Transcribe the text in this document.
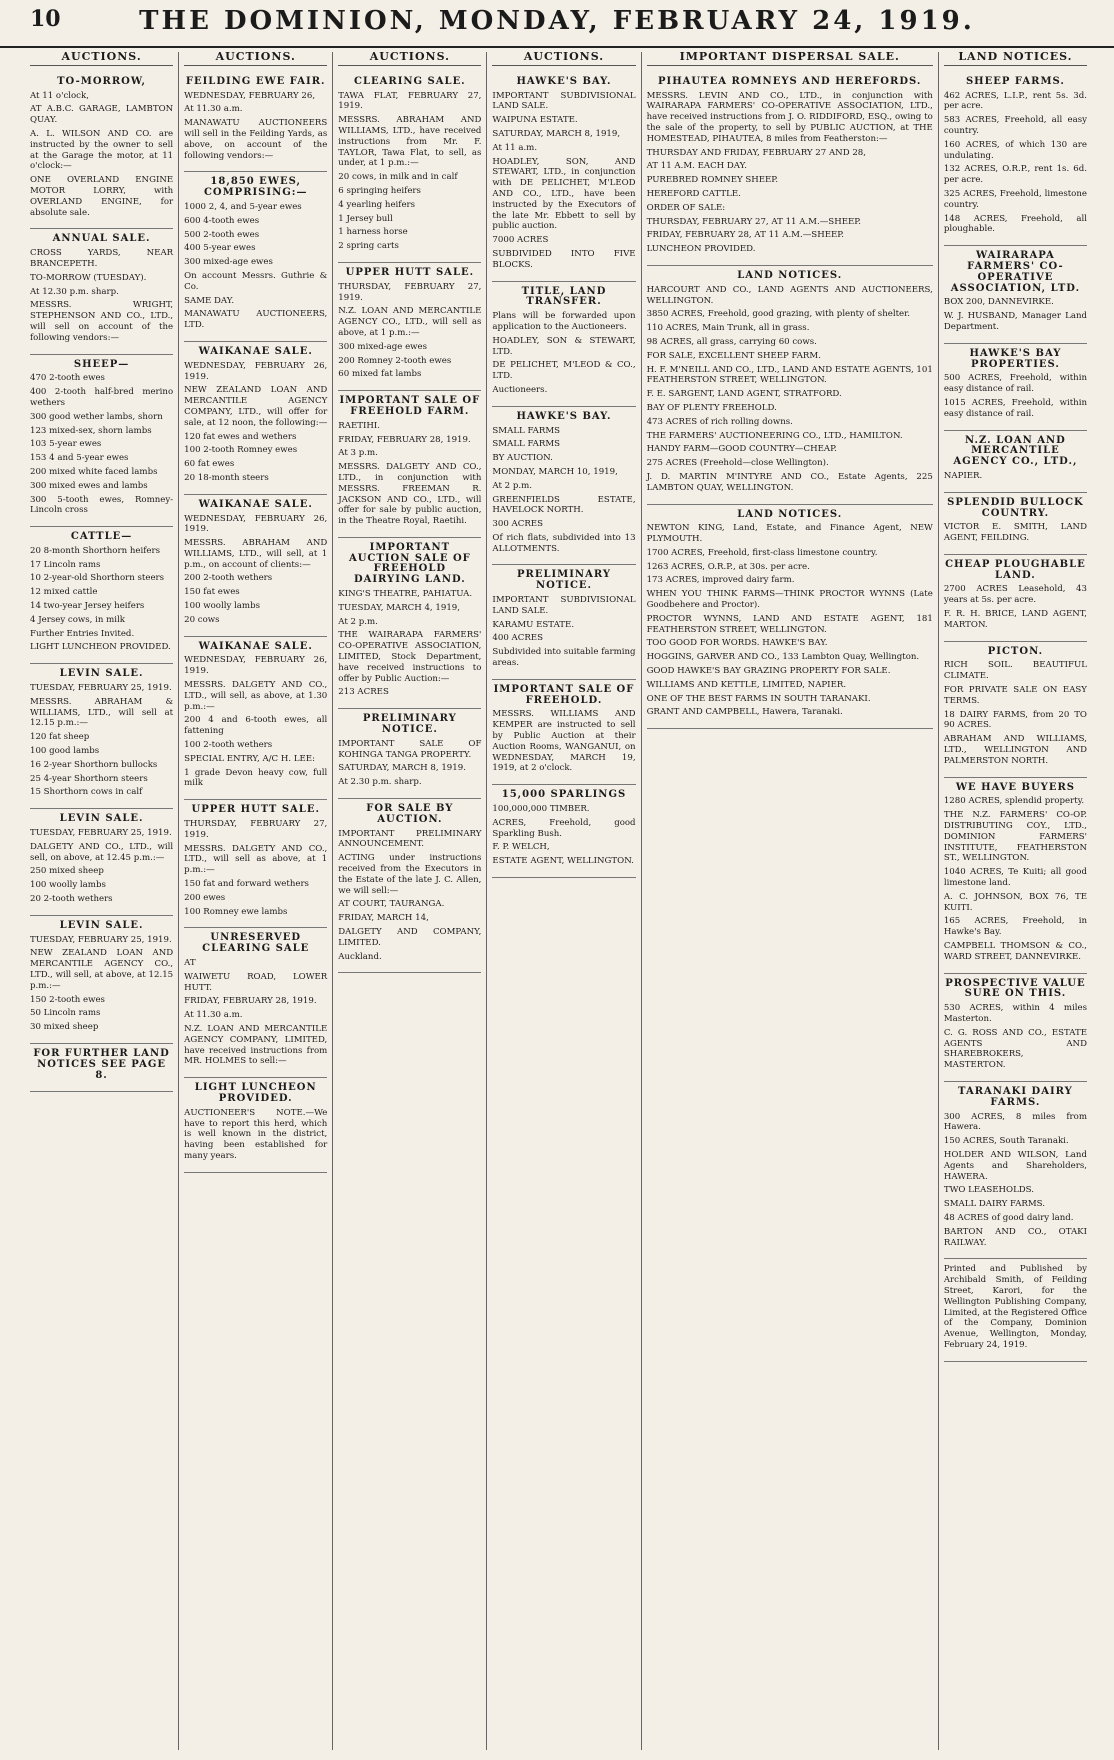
10	THE DOMINION, MONDAY, FEBRUARY 24, 1919.
AUCTIONS.
TO-MORROW,

At 11 o'clock,

AT A.B.C. GARAGE, LAMBTON QUAY.

A. L. WILSON AND CO. are instructed by the owner to sell at the Garage the motor, at 11 o'clock:—

ONE OVERLAND ENGINE MOTOR LORRY, with OVERLAND ENGINE, for absolute sale.

ANNUAL SALE.

CROSS YARDS, NEAR BRANCEPETH.

TO-MORROW (TUESDAY).

At 12.30 p.m. sharp.

MESSRS. WRIGHT, STEPHENSON AND CO., LTD., will sell on account of the following vendors:—

SHEEP—

470 2-tooth ewes

400 2-tooth half-bred merino wethers

300 good wether lambs, shorn

123 mixed-sex, shorn lambs

103 5-year ewes

153 4 and 5-year ewes

200 mixed white faced lambs

300 mixed ewes and lambs

300 5-tooth ewes, Romney-Lincoln cross

CATTLE—

20 8-month Shorthorn heifers

17 Lincoln rams

10 2-year-old Shorthorn steers

12 mixed cattle

14 two-year Jersey heifers

4 Jersey cows, in milk

Further Entries Invited.

LIGHT LUNCHEON PROVIDED.

LEVIN SALE.

TUESDAY, FEBRUARY 25, 1919.

MESSRS. ABRAHAM & WILLIAMS, LTD., will sell at 12.15 p.m.:—

120 fat sheep

100 good lambs

16 2-year Shorthorn bullocks

25 4-year Shorthorn steers

15 Shorthorn cows in calf

LEVIN SALE.

TUESDAY, FEBRUARY 25, 1919.

DALGETY AND CO., LTD., will sell, on above, at 12.45 p.m.:—

250 mixed sheep

100 woolly lambs

20 2-tooth wethers

LEVIN SALE.

TUESDAY, FEBRUARY 25, 1919.

NEW ZEALAND LOAN AND MERCANTILE AGENCY CO., LTD., will sell, at above, at 12.15 p.m.:—

150 2-tooth ewes

50 Lincoln rams

30 mixed sheep

FOR FURTHER LAND NOTICES SEE PAGE 8.
AUCTIONS.
FEILDING EWE FAIR.

WEDNESDAY, FEBRUARY 26,

At 11.30 a.m.

MANAWATU AUCTIONEERS will sell in the Feilding Yards, as above, on account of the following vendors:—

18,850 EWES, COMPRISING:—

1000 2, 4, and 5-year ewes

600 4-tooth ewes

500 2-tooth ewes

400 5-year ewes

300 mixed-age ewes

On account Messrs. Guthrie & Co.

SAME DAY.

MANAWATU AUCTIONEERS, LTD.

WAIKANAE SALE.

WEDNESDAY, FEBRUARY 26, 1919.

NEW ZEALAND LOAN AND MERCANTILE AGENCY COMPANY, LTD., will offer for sale, at 12 noon, the following:—

120 fat ewes and wethers

100 2-tooth Romney ewes

60 fat ewes

20 18-month steers

WAIKANAE SALE.

WEDNESDAY, FEBRUARY 26, 1919.

MESSRS. ABRAHAM AND WILLIAMS, LTD., will sell, at 1 p.m., on account of clients:—

200 2-tooth wethers

150 fat ewes

100 woolly lambs

20 cows

WAIKANAE SALE.

WEDNESDAY, FEBRUARY 26, 1919.

MESSRS. DALGETY AND CO., LTD., will sell, as above, at 1.30 p.m.:—

200 4 and 6-tooth ewes, all fattening

100 2-tooth wethers

SPECIAL ENTRY, A/C H. LEE:

1 grade Devon heavy cow, full milk

UPPER HUTT SALE.

THURSDAY, FEBRUARY 27, 1919.

MESSRS. DALGETY AND CO., LTD., will sell as above, at 1 p.m.:—

150 fat and forward wethers

200 ewes

100 Romney ewe lambs

UNRESERVED CLEARING SALE

AT

WAIWETU ROAD, LOWER HUTT.

FRIDAY, FEBRUARY 28, 1919.

At 11.30 a.m.

N.Z. LOAN AND MERCANTILE AGENCY COMPANY, LIMITED, have received instructions from MR. HOLMES to sell:—

LIGHT LUNCHEON PROVIDED.

AUCTIONEER'S NOTE.—We have to report this herd, which is well known in the district, having been established for many years.

AUCTIONS.
CLEARING SALE.

TAWA FLAT, FEBRUARY 27, 1919.

MESSRS. ABRAHAM AND WILLIAMS, LTD., have received instructions from Mr. F. TAYLOR, Tawa Flat, to sell, as under, at 1 p.m.:—

20 cows, in milk and in calf

6 springing heifers

4 yearling heifers

1 Jersey bull

1 harness horse

2 spring carts

UPPER HUTT SALE.

THURSDAY, FEBRUARY 27, 1919.

N.Z. LOAN AND MERCANTILE AGENCY CO., LTD., will sell as above, at 1 p.m.:—

300 mixed-age ewes

200 Romney 2-tooth ewes

60 mixed fat lambs

IMPORTANT SALE OF FREEHOLD FARM.

RAETIHI.

FRIDAY, FEBRUARY 28, 1919.

At 3 p.m.

MESSRS. DALGETY AND CO., LTD., in conjunction with MESSRS. FREEMAN R. JACKSON AND CO., LTD., will offer for sale by public auction, in the Theatre Royal, Raetihi.

IMPORTANT AUCTION SALE OF FREEHOLD DAIRYING LAND.

KING'S THEATRE, PAHIATUA.

TUESDAY, MARCH 4, 1919,

At 2 p.m.

THE WAIRARAPA FARMERS' CO-OPERATIVE ASSOCIATION, LIMITED, Stock Department, have received instructions to offer by Public Auction:—

213 ACRES

PRELIMINARY NOTICE.

IMPORTANT SALE OF KOHINGA TANGA PROPERTY.

SATURDAY, MARCH 8, 1919.

At 2.30 p.m. sharp.

FOR SALE BY AUCTION.

IMPORTANT PRELIMINARY ANNOUNCEMENT.

ACTING under instructions received from the Executors in the Estate of the late J. C. Allen, we will sell:—

AT COURT, TAURANGA.

FRIDAY, MARCH 14,

DALGETY AND COMPANY, LIMITED.

Auckland.

AUCTIONS.
HAWKE'S BAY.

IMPORTANT SUBDIVISIONAL LAND SALE.

WAIPUNA ESTATE.

SATURDAY, MARCH 8, 1919,

At 11 a.m.

HOADLEY, SON, AND STEWART, LTD., in conjunction with DE PELICHET, M'LEOD AND CO., LTD., have been instructed by the Executors of the late Mr. Ebbett to sell by public auction.

7000 ACRES

SUBDIVIDED INTO FIVE BLOCKS.

TITLE, LAND TRANSFER.

Plans will be forwarded upon application to the Auctioneers.

HOADLEY, SON & STEWART, LTD.

DE PELICHET, M'LEOD & CO., LTD.

Auctioneers.

HAWKE'S BAY.

SMALL FARMS

SMALL FARMS

BY AUCTION.

MONDAY, MARCH 10, 1919,

At 2 p.m.

GREENFIELDS ESTATE, HAVELOCK NORTH.

300 ACRES

Of rich flats, subdivided into 13 ALLOTMENTS.

PRELIMINARY NOTICE.

IMPORTANT SUBDIVISIONAL LAND SALE.

KARAMU ESTATE.

400 ACRES

Subdivided into suitable farming areas.

IMPORTANT SALE OF FREEHOLD.

MESSRS. WILLIAMS AND KEMPER are instructed to sell by Public Auction at their Auction Rooms, WANGANUI, on WEDNESDAY, MARCH 19, 1919, at 2 o'clock.

15,000 SPARLINGS

100,000,000 TIMBER.

ACRES, Freehold, good Sparkling Bush.

F. P. WELCH,

ESTATE AGENT, WELLINGTON.

IMPORTANT DISPERSAL SALE.
PIHAUTEA ROMNEYS AND HEREFORDS.

MESSRS. LEVIN AND CO., LTD., in conjunction with WAIRARAPA FARMERS' CO-OPERATIVE ASSOCIATION, LTD., have received instructions from J. O. RIDDIFORD, ESQ., owing to the sale of the property, to sell by PUBLIC AUCTION, at THE HOMESTEAD, PIHAUTEA, 8 miles from Featherston:—

THURSDAY AND FRIDAY, FEBRUARY 27 AND 28,

AT 11 A.M. EACH DAY.

PUREBRED ROMNEY SHEEP.

HEREFORD CATTLE.

ORDER OF SALE:

THURSDAY, FEBRUARY 27, AT 11 A.M.—SHEEP.

FRIDAY, FEBRUARY 28, AT 11 A.M.—SHEEP.

LUNCHEON PROVIDED.

LAND NOTICES.

HARCOURT AND CO., LAND AGENTS AND AUCTIONEERS, WELLINGTON.

3850 ACRES, Freehold, good grazing, with plenty of shelter.

110 ACRES, Main Trunk, all in grass.

98 ACRES, all grass, carrying 60 cows.

FOR SALE, EXCELLENT SHEEP FARM.

H. F. M'NEILL AND CO., LTD., LAND AND ESTATE AGENTS, 101 FEATHERSTON STREET, WELLINGTON.

F. E. SARGENT, LAND AGENT, STRATFORD.

BAY OF PLENTY FREEHOLD.

473 ACRES of rich rolling downs.

THE FARMERS' AUCTIONEERING CO., LTD., HAMILTON.

HANDY FARM—GOOD COUNTRY—CHEAP.

275 ACRES (Freehold—close Wellington).

J. D. MARTIN M'INTYRE AND CO., Estate Agents, 225 LAMBTON QUAY, WELLINGTON.

LAND NOTICES.

NEWTON KING, Land, Estate, and Finance Agent, NEW PLYMOUTH.

1700 ACRES, Freehold, first-class limestone country.

1263 ACRES, O.R.P., at 30s. per acre.

173 ACRES, improved dairy farm.

WHEN YOU THINK FARMS—THINK PROCTOR WYNNS (Late Goodbehere and Proctor).

PROCTOR WYNNS, LAND AND ESTATE AGENT, 181 FEATHERSTON STREET, WELLINGTON.

TOO GOOD FOR WORDS. HAWKE'S BAY.

HOGGINS, GARVER AND CO., 133 Lambton Quay, Wellington.

GOOD HAWKE'S BAY GRAZING PROPERTY FOR SALE.

WILLIAMS AND KETTLE, LIMITED, NAPIER.

ONE OF THE BEST FARMS IN SOUTH TARANAKI.

GRANT AND CAMPBELL, Hawera, Taranaki.

LAND NOTICES.
SHEEP FARMS.

462 ACRES, L.I.P., rent 5s. 3d. per acre.

583 ACRES, Freehold, all easy country.

160 ACRES, of which 130 are undulating.

132 ACRES, O.R.P., rent 1s. 6d. per acre.

325 ACRES, Freehold, limestone country.

148 ACRES, Freehold, all ploughable.

WAIRARAPA FARMERS' CO-OPERATIVE ASSOCIATION, LTD.

BOX 200, DANNEVIRKE.

W. J. HUSBAND, Manager Land Department.

HAWKE'S BAY PROPERTIES.

500 ACRES, Freehold, within easy distance of rail.

1015 ACRES, Freehold, within easy distance of rail.

N.Z. LOAN AND MERCANTILE AGENCY CO., LTD.,

NAPIER.

SPLENDID BULLOCK COUNTRY.

VICTOR E. SMITH, LAND AGENT, FEILDING.

CHEAP PLOUGHABLE LAND.

2700 ACRES Leasehold, 43 years at 5s. per acre.

F. R. H. BRICE, LAND AGENT, MARTON.

PICTON.

RICH SOIL. BEAUTIFUL CLIMATE.

FOR PRIVATE SALE ON EASY TERMS.

18 DAIRY FARMS, from 20 TO 90 ACRES.

ABRAHAM AND WILLIAMS, LTD., WELLINGTON AND PALMERSTON NORTH.

WE HAVE BUYERS

1280 ACRES, splendid property.

THE N.Z. FARMERS' CO-OP. DISTRIBUTING COY., LTD., DOMINION FARMERS' INSTITUTE, FEATHERSTON ST., WELLINGTON.

1040 ACRES, Te Kuiti; all good limestone land.

A. C. JOHNSON, BOX 76, TE KUITI.

165 ACRES, Freehold, in Hawke's Bay.

CAMPBELL THOMSON & CO., WARD STREET, DANNEVIRKE.

PROSPECTIVE VALUE SURE ON THIS.

530 ACRES, within 4 miles Masterton.

C. G. ROSS AND CO., ESTATE AGENTS AND SHAREBROKERS, MASTERTON.

TARANAKI DAIRY FARMS.

300 ACRES, 8 miles from Hawera.

150 ACRES, South Taranaki.

HOLDER AND WILSON, Land Agents and Shareholders, HAWERA.

TWO LEASEHOLDS.

SMALL DAIRY FARMS.

48 ACRES of good dairy land.

BARTON AND CO., OTAKI RAILWAY.

Printed and Published by Archibald Smith, of Feilding Street, Karori, for the Wellington Publishing Company, Limited, at the Registered Office of the Company, Dominion Avenue, Wellington, Monday, February 24, 1919.
